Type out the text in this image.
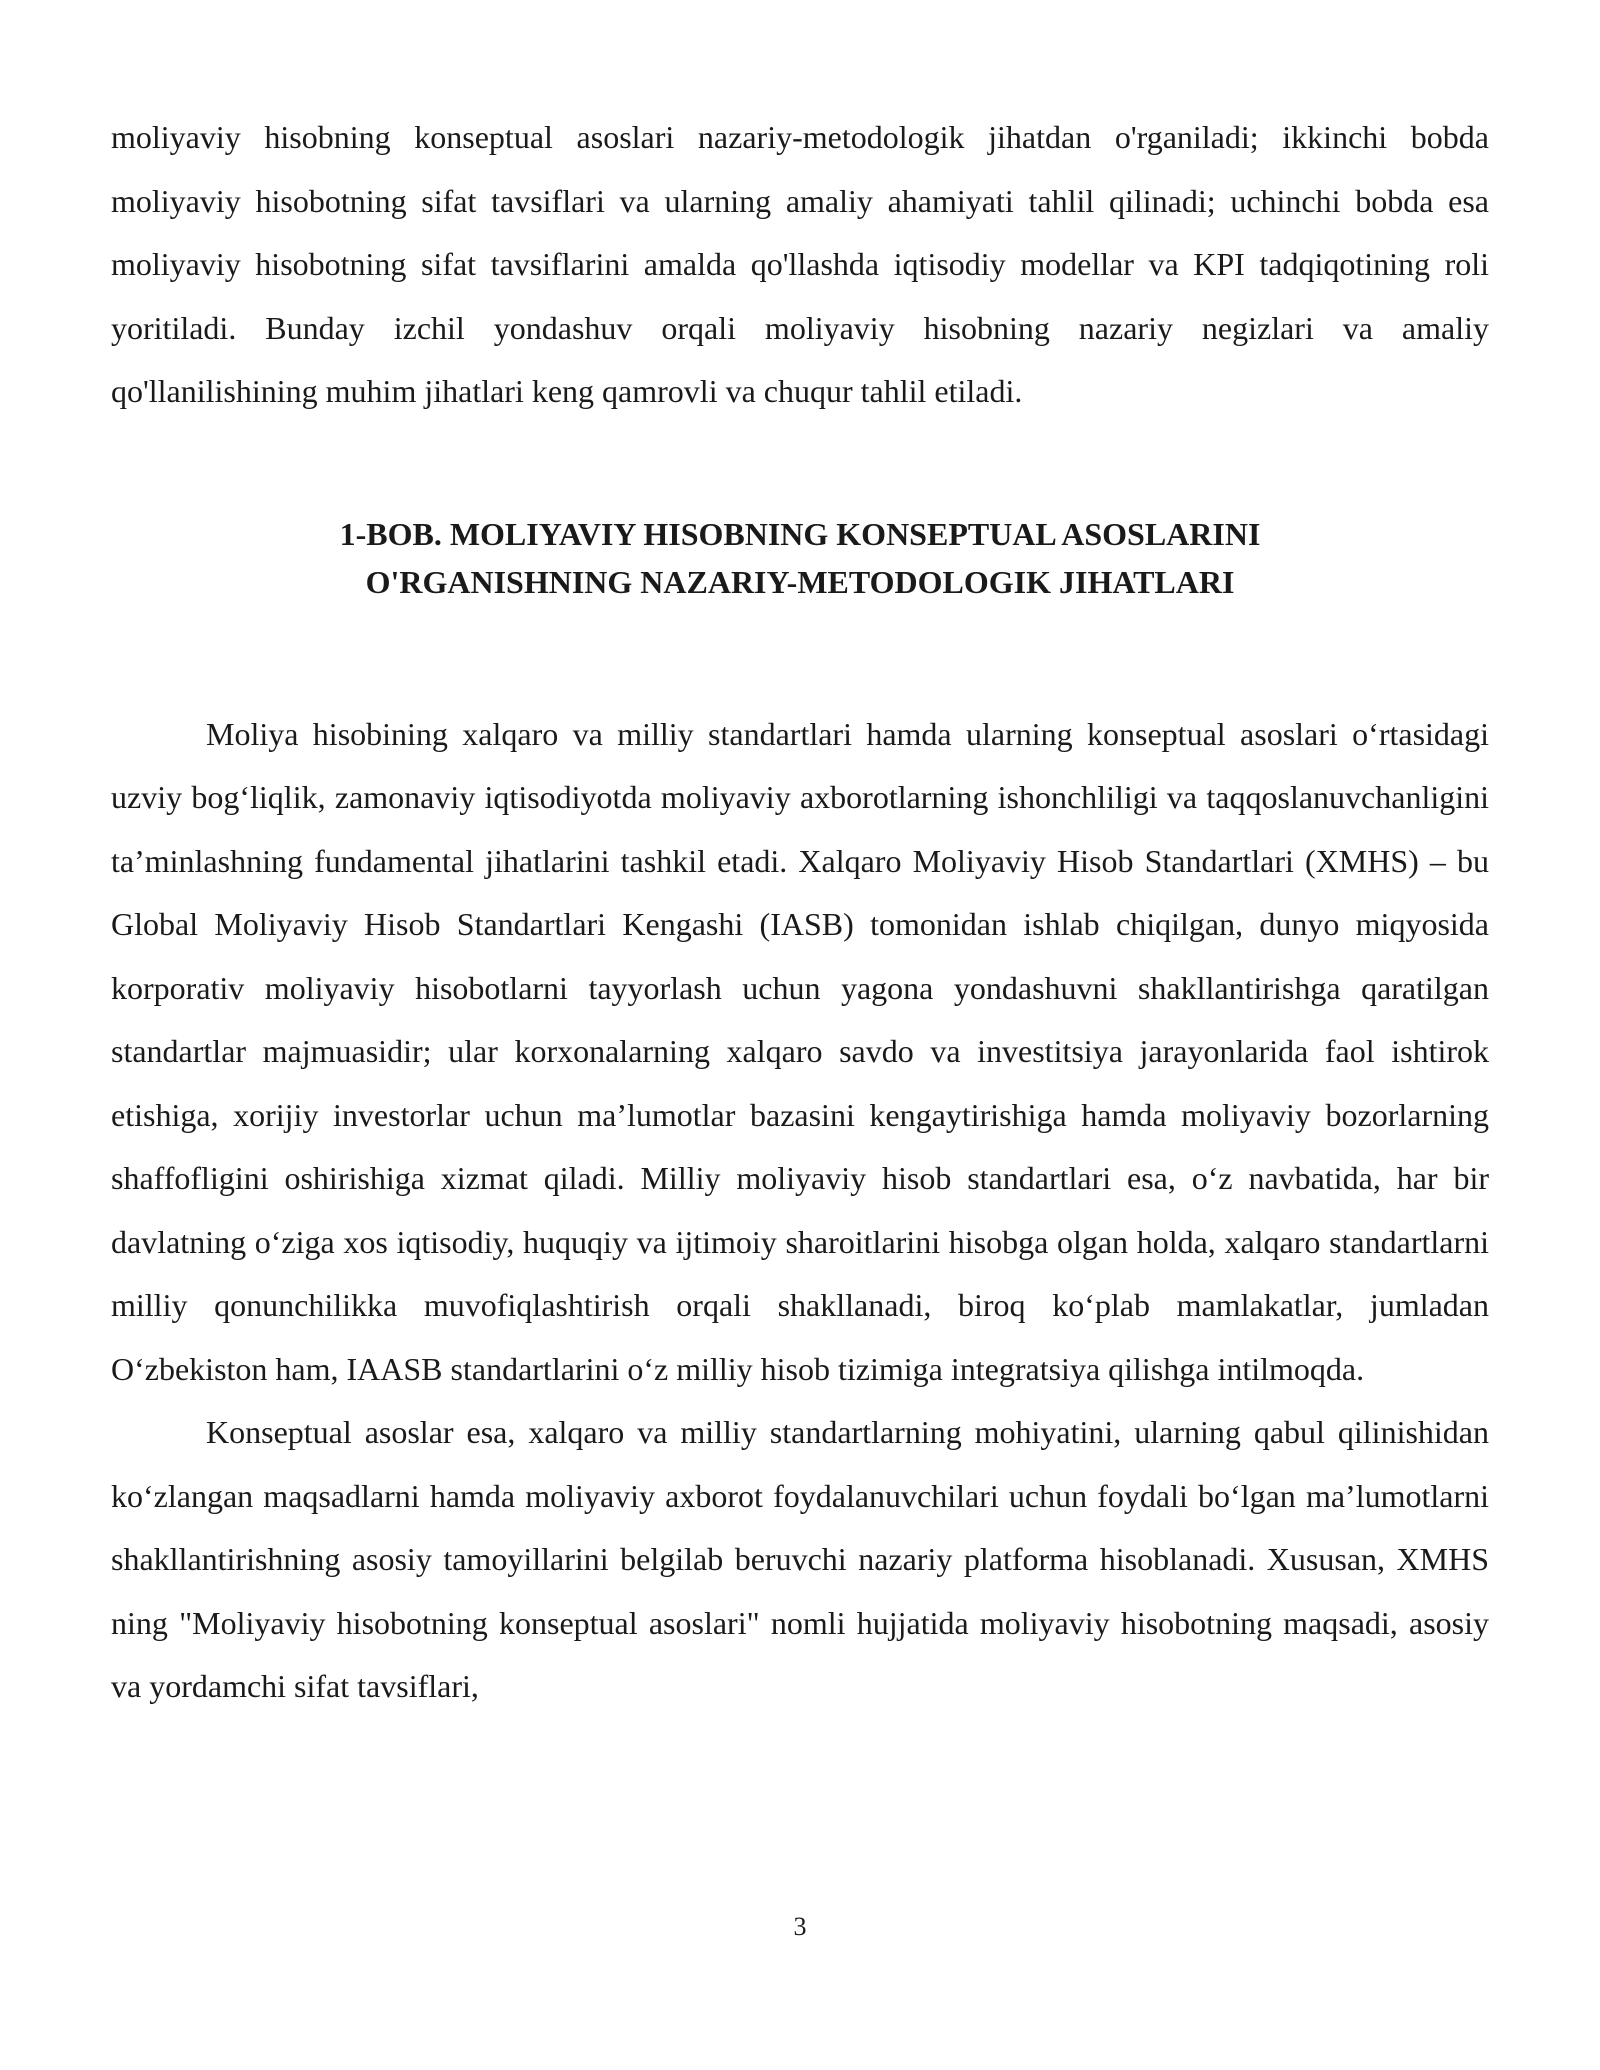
moliyaviy hisobning konseptual asoslari nazariy-metodologik jihatdan o'rganiladi; ikkinchi bobda moliyaviy hisobotning sifat tavsiflari va ularning amaliy ahamiyati tahlil qilinadi; uchinchi bobda esa moliyaviy hisobotning sifat tavsiflarini amalda qo'llashda iqtisodiy modellar va KPI tadqiqotining roli yoritiladi. Bunday izchil yondashuv orqali moliyaviy hisobning nazariy negizlari va amaliy qo'llanilishining muhim jihatlari keng qamrovli va chuqur tahlil etiladi.

1-BOB. MOLIYAVIY HISOBNING KONSEPTUAL ASOSLARINI
O'RGANISHNING NAZARIY-METODOLOGIK JIHATLARI

Moliya hisobining xalqaro va milliy standartlari hamda ularning konseptual asoslari o‘rtasidagi uzviy bog‘liqlik, zamonaviy iqtisodiyotda moliyaviy axborotlarning ishonchliligi va taqqoslanuvchanligini ta’minlashning fundamental jihatlarini tashkil etadi. Xalqaro Moliyaviy Hisob Standartlari (XMHS) – bu Global Moliyaviy Hisob Standartlari Kengashi (IASB) tomonidan ishlab chiqilgan, dunyo miqyosida korporativ moliyaviy hisobotlarni tayyorlash uchun yagona yondashuvni shakllantirishga qaratilgan standartlar majmuasidir; ular korxonalarning xalqaro savdo va investitsiya jarayonlarida faol ishtirok etishiga, xorijiy investorlar uchun ma’lumotlar bazasini kengaytirishiga hamda moliyaviy bozorlarning shaffofligini oshirishiga xizmat qiladi. Milliy moliyaviy hisob standartlari esa, o‘z navbatida, har bir davlatning o‘ziga xos iqtisodiy, huquqiy va ijtimoiy sharoitlarini hisobga olgan holda, xalqaro standartlarni milliy qonunchilikka muvofiqlashtirish orqali shakllanadi, biroq ko‘plab mamlakatlar, jumladan O‘zbekiston ham, IAASB standartlarini o‘z milliy hisob tizimiga integratsiya qilishga intilmoqda.

Konseptual asoslar esa, xalqaro va milliy standartlarning mohiyatini, ularning qabul qilinishidan ko‘zlangan maqsadlarni hamda moliyaviy axborot foydalanuvchilari uchun foydali bo‘lgan ma’lumotlarni shakllantirishning asosiy tamoyillarini belgilab beruvchi nazariy platforma hisoblanadi. Xususan, XMHS ning "Moliyaviy hisobotning konseptual asoslari" nomli hujjatida moliyaviy hisobotning maqsadi, asosiy va yordamchi sifat tavsiflari,

3
